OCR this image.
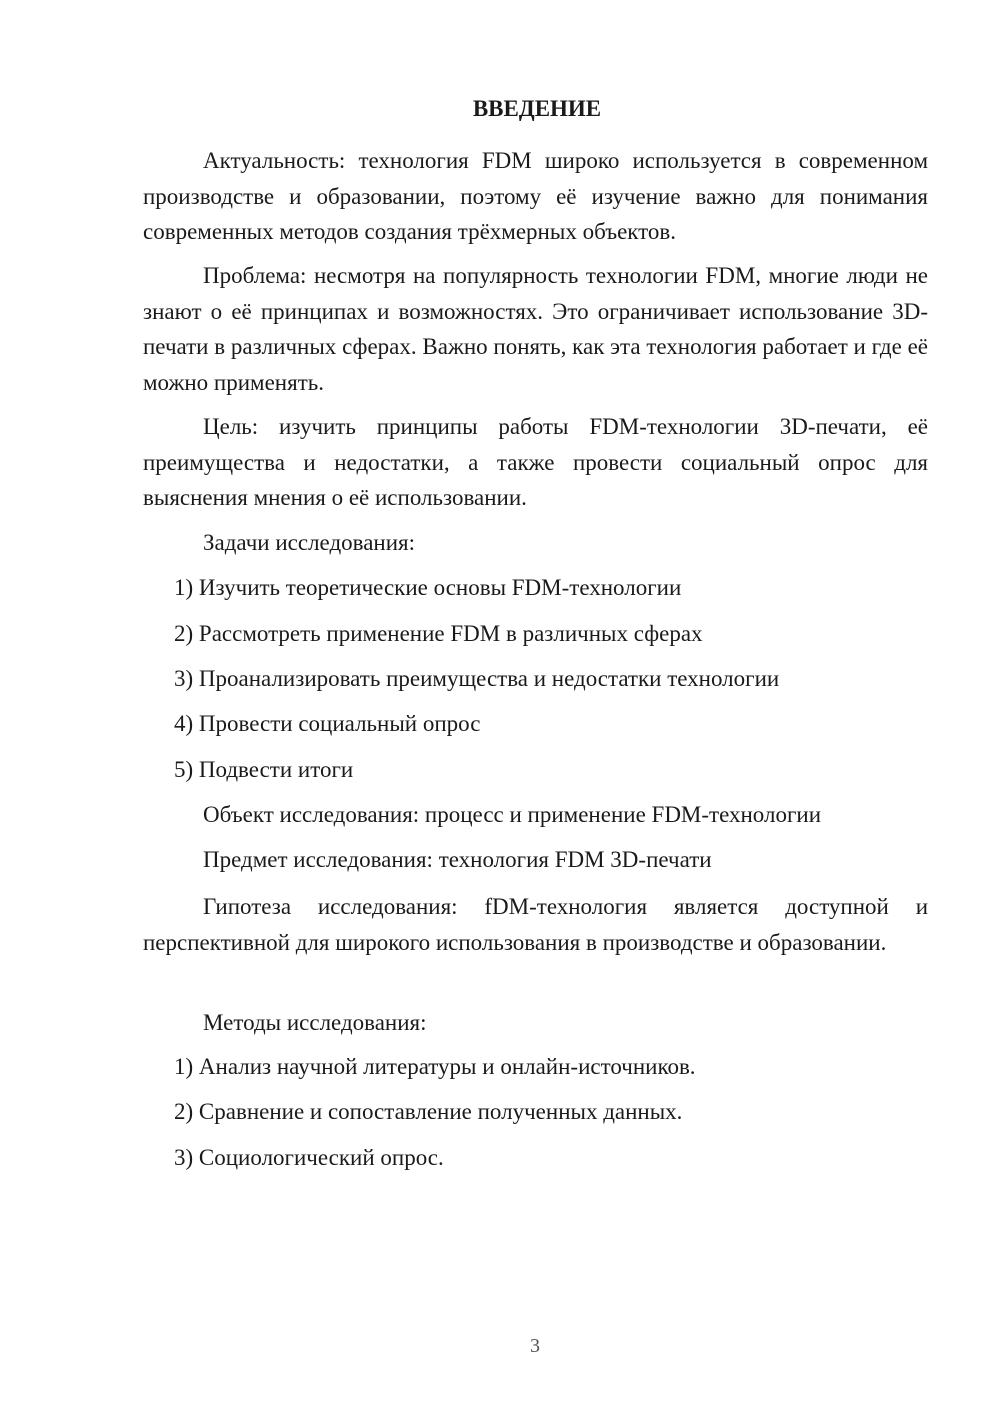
ВВЕДЕНИЕ

Актуальность: технология FDM широко используется в современном производстве и образовании, поэтому её изучение важно для понимания современных методов создания трёхмерных объектов.

Проблема: несмотря на популярность технологии FDM, многие люди не знают о её принципах и возможностях. Это ограничивает использование 3D-печати в различных сферах. Важно понять, как эта технология работает и где её можно применять.

Цель: изучить принципы работы FDM-технологии 3D-печати, её преимущества и недостатки, а также провести социальный опрос для выяснения мнения о её использовании.

Задачи исследования:

1) Изучить теоретические основы FDM-технологии

2) Рассмотреть применение FDM в различных сферах

3) Проанализировать преимущества и недостатки технологии

4) Провести социальный опрос

5) Подвести итоги

Объект исследования: процесс и применение FDM-технологии

Предмет исследования: технология FDM 3D-печати

Гипотеза исследования: fDM-технология является доступной и перспективной для широкого использования в производстве и образовании.

Методы исследования:

1) Анализ научной литературы и онлайн-источников.

2) Сравнение и сопоставление полученных данных.

3) Социологический опрос.

3
